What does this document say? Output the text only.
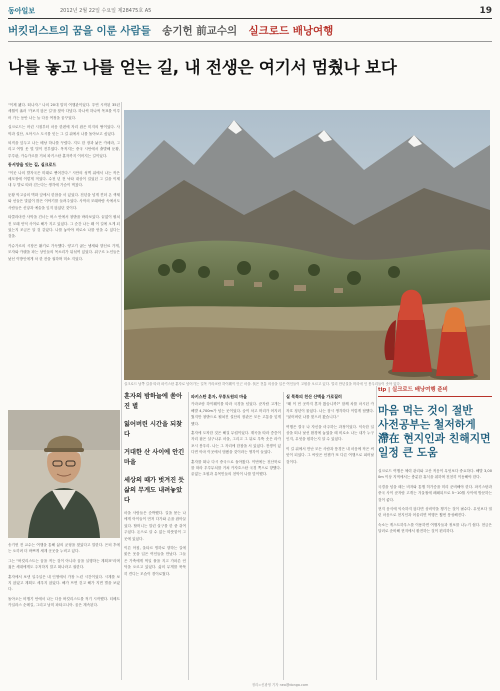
동아일보	2012년 2월 22일 수요일 제28475호 A5	19
버킷리스트의 꿈을 이룬 사람들 송기헌 前교수의 실크로드 배낭여행
나를 놓고 나를 얻는 길, 내 전생은 여기서 멈췄나 보다

"이제 됐다. 떠나자." 나의 20대 말미 여행관이었다. 우연 시작된 35년 세월이 흘러 '가보지 않은 길'을 찾아 다녔다. 하나씩 하나씩 목표를 이루어 가는 동안 나는 늘 다음 여정을 꿈꾸었다.

실크로드는 어린 시절부터 마음 한편에 자리 잡은 미지의 땅이었다. 사막과 설산, 오아시스 도시를 잇는 그 길 위에서 나를 돌아보고 싶었다.

퇴직을 앞두고 나는 배낭 하나를 꾸렸다. 지도 한 장과 낡은 카메라, 그리고 여벌 옷 몇 벌이 전부였다. 목적지는 중국 시안에서 출발해 둔황, 투루판, 카슈가르를 거쳐 파키스탄 훈자까지 이어지는 길이었다.

동서양을 잇는 길, 실크로드

"이곳 나의 발자국은 미래로 뻗어간다." 시안의 성벽 위에서 나는 작은 메모장에 이렇게 적었다. 수천 년 전 낙타 대상이 걸었던 그 길을 이제 내 두 발로 따라 걷는다는 생각에 가슴이 벅찼다.

둔황 막고굴의 벽화 앞에서 한참을 서 있었다. 천년을 넘게 견뎌 온 색채와 선들은 말없이 많은 이야기를 들려주었다. 사막의 모래바람 속에서도 사람들은 신앙과 예술을 잊지 않았던 것이다.

타클라마칸 사막을 건너는 버스 안에서 창밖을 바라보았다. 끝없이 펼쳐진 모래 언덕 사이로 해가 지고 있었다. 그 순간 나는 왜 이 길에 오게 되었는지 조금은 알 것 같았다. 나를 놓아야 비로소 나를 얻을 수 있다는 것을.

카슈가르의 시장은 활기로 가득했다. 양고기 굽는 냄새와 향신료 가게, 모자와 카펫을 파는 상인들의 목소리가 뒤섞여 있었다. 위구르 노인들은 낯선 이방인에게 차 한 잔을 권하며 미소 지었다.

송기헌 전 교수는 여행을 통해 삶의 균형을 찾았다고 말한다. 은퇴 후에는 오히려 더 바쁘게 세계 곳곳을 누비고 있다.

그는 "버킷리스트는 꿈을 적는 것이 아니라 꿈을 실행하는 계획표"라며 젊은 세대에게도 주저하지 말고 떠나라고 권한다.

훈자에서 보낸 일주일은 내 인생에서 가장 느린 시간이었다. 시계를 보지 않았고 계획도 세우지 않았다. 해가 뜨면 걷고 해가 지면 별을 보았다.

돌아오는 비행기 안에서 나는 다음 버킷리스트를 적기 시작했다. 티베트 카일라스 순례길, 그리고 남미 파타고니아. 꿈은 계속된다.

실크로드 남쪽 길을 따라 파키스탄 훈자로 넘어가는 길목 카라코람 하이웨이 인근 마을. 붉은 전통 의상을 입은 여인들이 고원을 오르고 있다. 멀리 만년설을 머리에 인 봉우리들이 솟아 있다.

훈자의 밤하늘에 쏟아진 별

잃어버린 시간을 되찾다

거대한 산 사이에 안긴 마을

세상의 때가 벗겨진 듯 삶의 무게도 내려놓았다

마을 사람들은 순박했다. 길을 묻는 나에게 아이들이 먼저 다가와 손을 잡아끌었다. 할머니는 말린 살구를 한 줌 쥐여 주었다. 돈으로 살 수 없는 따뜻함이 그곳에 있었다.

이른 아침, 울타르 빙하로 향하는 길에 붉은 옷을 입은 여인들을 만났다. 그들은 가축에게 먹일 풀을 지고 가파른 언덕을 오르고 있었다. 삶의 무게를 묵묵히 견디는 모습이 경이로웠다.

파키스탄 훈자, 무릉도원의 마을

카라코람 하이웨이를 따라 국경을 넘었다. 쿤자랍 고개는 해발 4,700m가 넘는 곳이었다. 숨이 차고 머리가 어지러웠지만 창밖으로 펼쳐진 설산의 장관은 모든 고통을 잊게 했다.

훈자에 도착한 것은 해질 무렵이었다. 계곡을 따라 층층이 자리 잡은 살구나무 마을, 그리고 그 뒤로 우뚝 솟은 라카포시 봉우리. 나는 그 자리에 한참을 서 있었다. 전생이 있다면 아마 이곳에서 멈췄을 것이라는 생각이 들었다.

훈자를 떠나 다시 중국으로 돌아왔다. 이번에는 천산북로를 따라 우루무치를 거쳐 카자흐스탄 국경 쪽으로 향했다. 끝없는 초원과 유목민들의 천막이 나를 맞이했다.

실 북쪽의 천산 산맥을 가로질러

"왜 이 먼 곳까지 혼자 왔습니까?" 함께 차를 마시던 카자흐 청년이 물었다. 나는 잠시 생각하다 이렇게 답했다. "잃어버린 나를 찾으러 왔습니다."

여행은 결국 나 자신을 마주하는 과정이었다. 익숙한 일상을 떠나 낯선 환경에 놓였을 때 비로소 나는 내가 누구인지, 무엇을 원하는지 알 수 있었다.

이 길 위에서 만난 모든 사람과 풍경은 내 마음에 작은 씨앗이 되었다. 그 씨앗은 언젠가 또 다른 여행으로 피어날 것이다.

tip | 실크로드 배낭여행 준비

마음 먹는 것이 절반

사전공부는 철저하게

滯在 현지인과 친해지면

일정 큰 도움

실크로드 여행은 체력 관리와 고산 적응이 무엇보다 중요하다. 해발 3,000m 이상 지역에서는 충분한 휴식을 취하며 천천히 이동해야 한다.

국경을 넘을 때는 비자와 통행 허가증을 미리 준비해야 한다. 파키스탄과 중국 사이 쿤자랍 고개는 겨울철에 폐쇄되므로 5~10월 사이에 방문하는 것이 좋다.

현지 음식에 익숙하지 않다면 상비약을 챙기는 것이 필수다. 무엇보다 열린 마음으로 현지인과 어울리면 여행은 훨씬 풍성해진다.

숙소는 게스트하우스를 이용하면 여행자들과 정보를 나누기 쉽다. 현금은 달러로 준비해 현지에서 환전하는 것이 편리하다.

정리=신광영 기자 neo@donga.com
